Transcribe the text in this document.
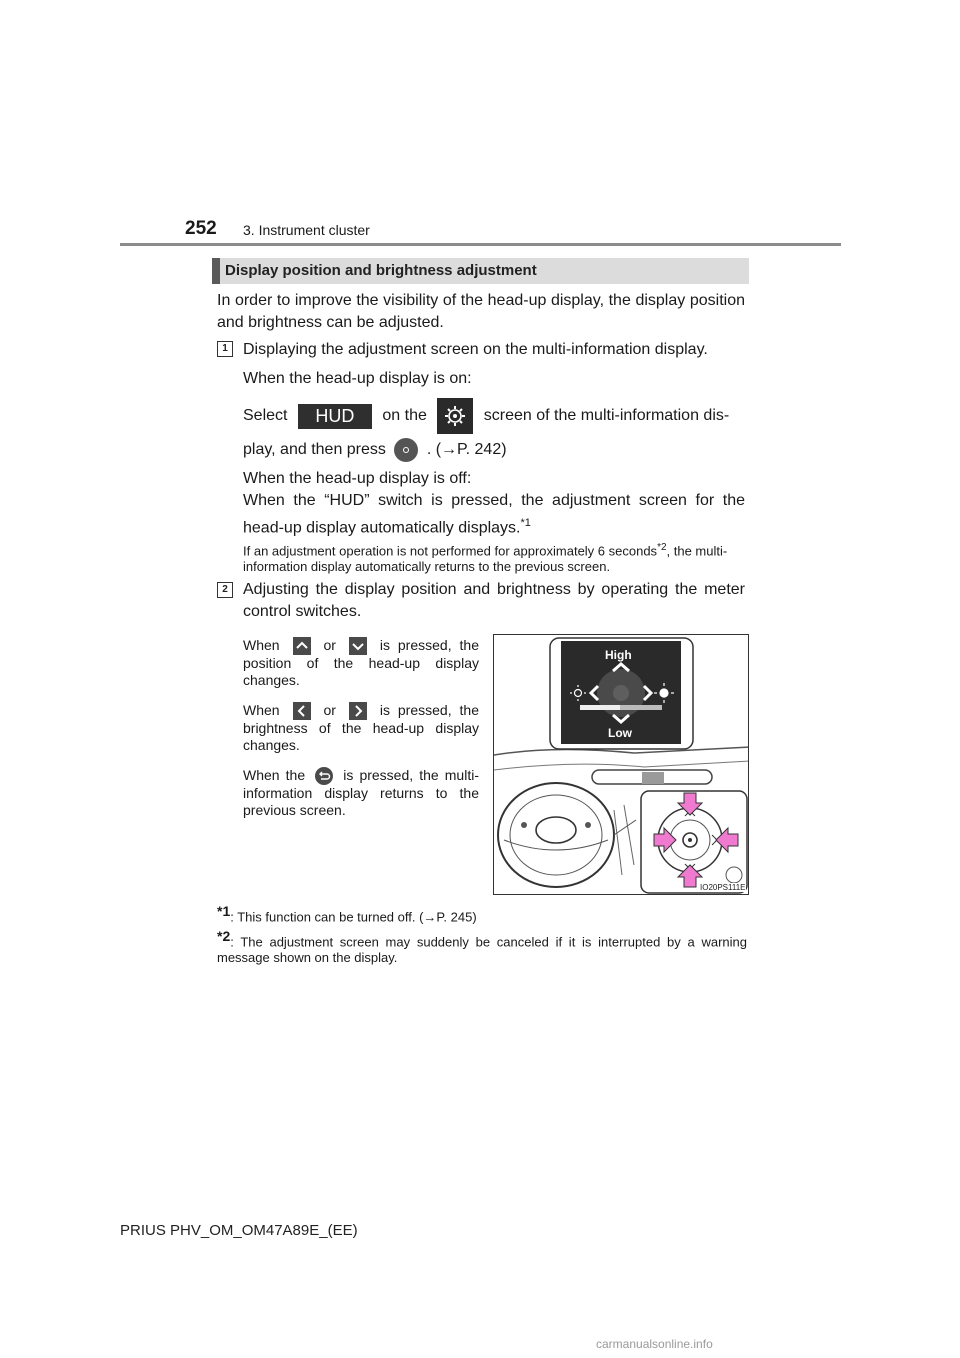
252 3. Instrument cluster
Display position and brightness adjustment
In order to improve the visibility of the head-up display, the display position and brightness can be adjusted.
1 Displaying the adjustment screen on the multi-information display.
When the head-up display is on:
Select HUD on the	screen of the multi-information dis-
play, and then press	. (→P. 242)
When the head-up display is off:
When the “HUD” switch is pressed, the adjustment screen for the head-up display automatically displays.$^{*1}$
If an adjustment operation is not performed for approximately 6 seconds$^{*2}$, the multi-information display automatically returns to the previous screen.
2 Adjusting the display position and brightness by operating the meter control switches.
When	or	is pressed, the position of the head-up display changes.
When	or	is pressed, the brightness of the head-up display changes.
When the	is pressed, the multi-information display returns to the previous screen.
High
Low
IO20PS111E
$^{*1}$: This function can be turned off. (→P. 245)
$^{*2}$: The adjustment screen may suddenly be canceled if it is interrupted by a warning message shown on the display.
PRIUS PHV_OM_OM47A89E_(EE)
carmanualsonline.info
